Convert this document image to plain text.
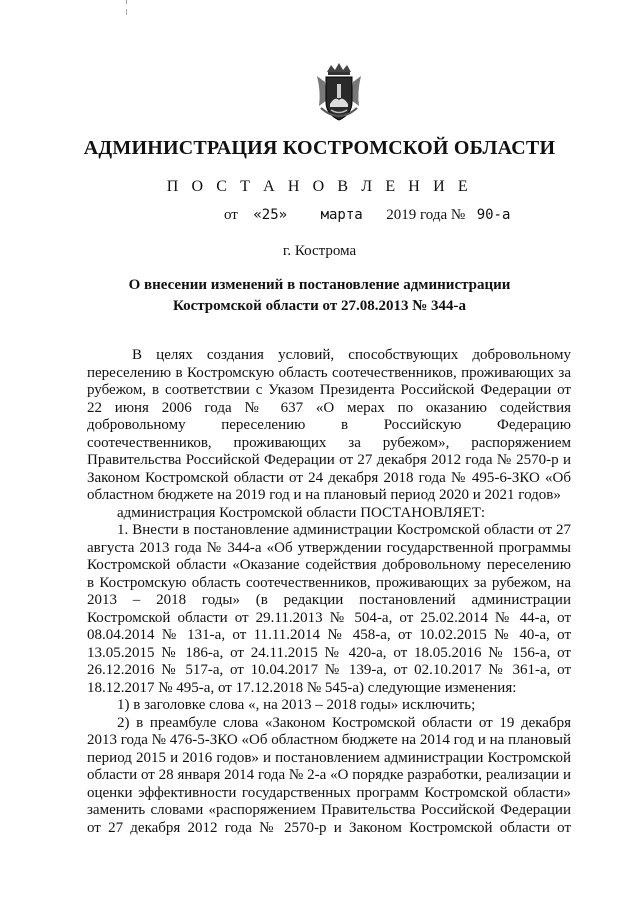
АДМИНИСТРАЦИЯ КОСТРОМСКОЙ ОБЛАСТИ
П О С Т А Н О В Л Е Н И Е
от «25» марта 2019 года № 90-а
г. Кострома
О внесении изменений в постановление администрации
Костромской области от 27.08.2013 № 344-а

В целях создания условий, способствующих добровольному переселению в Костромскую область соотечественников, проживающих за рубежом, в соответствии с Указом Президента Российской Федерации от 22 июня 2006 года № 637 «О мерах по оказанию содействия добровольному переселению в Российскую Федерацию соотечественников, проживающих за рубежом», распоряжением Правительства Российской Федерации от 27 декабря 2012 года № 2570-р и Законом Костромской области от 24 декабря 2018 года № 495-6-ЗКО «Об областном бюджете на 2019 год и на плановый период 2020 и 2021 годов»

администрация Костромской области ПОСТАНОВЛЯЕТ:

1. Внести в постановление администрации Костромской области от 27 августа 2013 года № 344-а «Об утверждении государственной программы Костромской области «Оказание содействия добровольному переселению в Костромскую область соотечественников, проживающих за рубежом, на 2013 – 2018 годы» (в редакции постановлений администрации Костромской области от 29.11.2013 № 504-а, от 25.02.2014 № 44-а, от 08.04.2014 № 131-а, от 11.11.2014 № 458-а, от 10.02.2015 № 40-а, от 13.05.2015 № 186-а, от 24.11.2015 № 420-а, от 18.05.2016 № 156-а, от 26.12.2016 № 517-а, от 10.04.2017 № 139-а, от 02.10.2017 № 361-а, от 18.12.2017 № 495-а, от 17.12.2018 № 545-а) следующие изменения:

1) в заголовке слова «, на 2013 – 2018 годы» исключить;

2) в преамбуле слова «Законом Костромской области от 19 декабря 2013 года № 476-5-ЗКО «Об областном бюджете на 2014 год и на плановый период 2015 и 2016 годов» и постановлением администрации Костромской области от 28 января 2014 года № 2-а «О порядке разработки, реализации и оценки эффективности государственных программ Костромской области» заменить словами «распоряжением Правительства Российской Федерации от 27 декабря 2012 года № 2570-р и Законом Костромской области от
